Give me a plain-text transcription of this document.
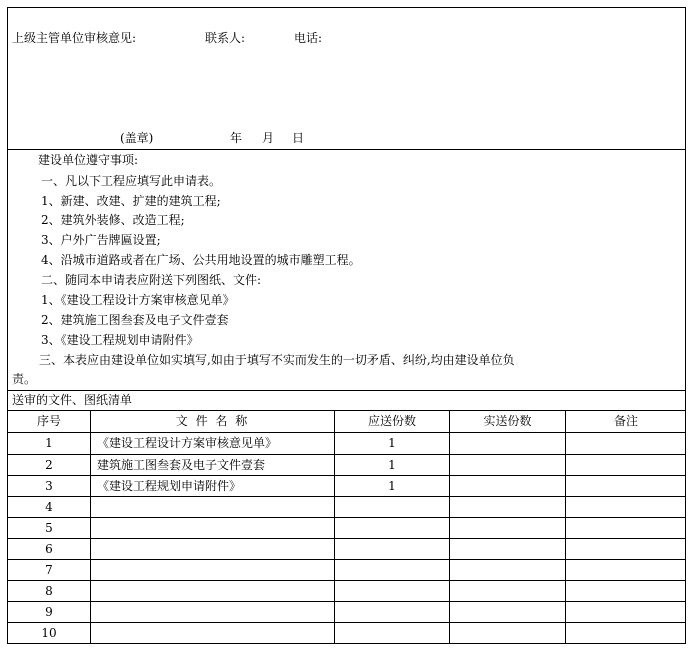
上级主管单位审核意见:	联系人:	电话:
(盖章)	年 月 日
建设单位遵守事项:
一、凡以下工程应填写此申请表。
1、新建、改建、扩建的建筑工程;
2、建筑外装修、改造工程;
3、户外广告牌匾设置;
4、沿城市道路或者在广场、公共用地设置的城市雕塑工程。
二、随同本申请表应附送下列图纸、文件:
1、《建设工程设计方案审核意见单》
2、建筑施工图叁套及电子文件壹套
3、《建设工程规划申请附件》
三、本表应由建设单位如实填写,如由于填写不实而发生的一切矛盾、纠纷,均由建设单位负
责。
送审的文件、图纸清单
序号	文 件 名 称	应送份数	实送份数	备注
1	《建设工程设计方案审核意见单》	1
2	建筑施工图叁套及电子文件壹套	1
3	《建设工程规划申请附件》	1
4
5
6
7
8
9
10
